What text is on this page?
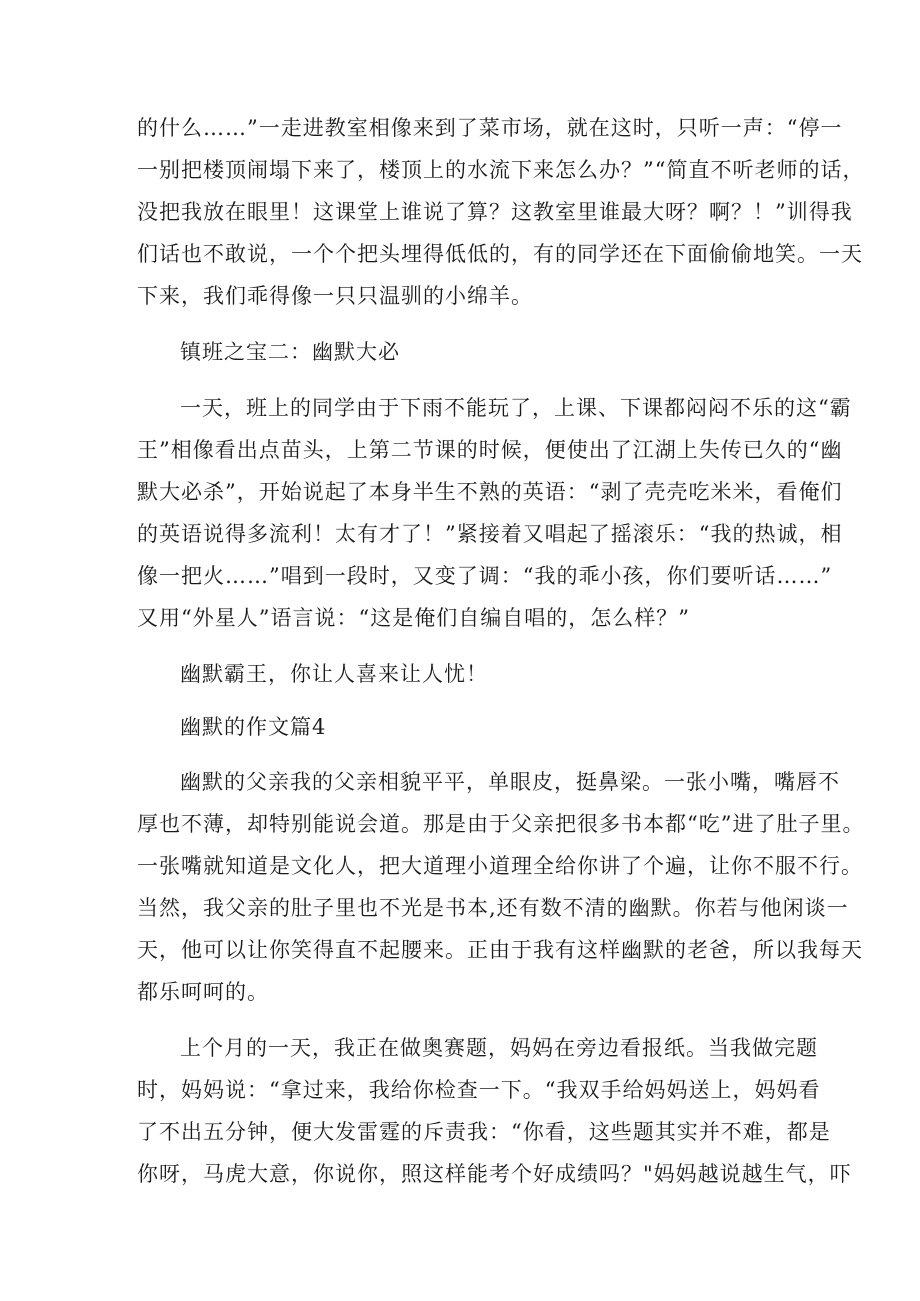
的什么……”一走进教室相像来到了菜市场，就在这时，只听一声：“停一
一别把楼顶闹塌下来了，楼顶上的水流下来怎么办？”“简直不听老师的话，
没把我放在眼里！这课堂上谁说了算？这教室里谁最大呀？啊？！”训得我
们话也不敢说，一个个把头埋得低低的，有的同学还在下面偷偷地笑。一天
下来，我们乖得像一只只温驯的小绵羊。
镇班之宝二：幽默大必
一天，班上的同学由于下雨不能玩了，上课、下课都闷闷不乐的这“霸
王”相像看出点苗头，上第二节课的时候，便使出了江湖上失传已久的“幽
默大必杀”，开始说起了本身半生不熟的英语：“剥了壳壳吃米米，看俺们
的英语说得多流利！太有才了！”紧接着又唱起了摇滚乐：“我的热诚，相
像一把火……”唱到一段时，又变了调：“我的乖小孩，你们要听话……”
又用“外星人”语言说：“这是俺们自编自唱的，怎么样？”
幽默霸王，你让人喜来让人忧！
幽默的作文篇4
幽默的父亲我的父亲相貌平平，单眼皮，挺鼻梁。一张小嘴，嘴唇不
厚也不薄，却特别能说会道。那是由于父亲把很多书本都“吃”进了肚子里。
一张嘴就知道是文化人，把大道理小道理全给你讲了个遍，让你不服不行。
当然，我父亲的肚子里也不光是书本,还有数不清的幽默。你若与他闲谈一
天，他可以让你笑得直不起腰来。正由于我有这样幽默的老爸，所以我每天
都乐呵呵的。
上个月的一天，我正在做奥赛题，妈妈在旁边看报纸。当我做完题
时，妈妈说：“拿过来，我给你检查一下。“我双手给妈妈送上，妈妈看
了不出五分钟，便大发雷霆的斥责我：“你看，这些题其实并不难，都是
你呀，马虎大意，你说你，照这样能考个好成绩吗？"妈妈越说越生气，吓
